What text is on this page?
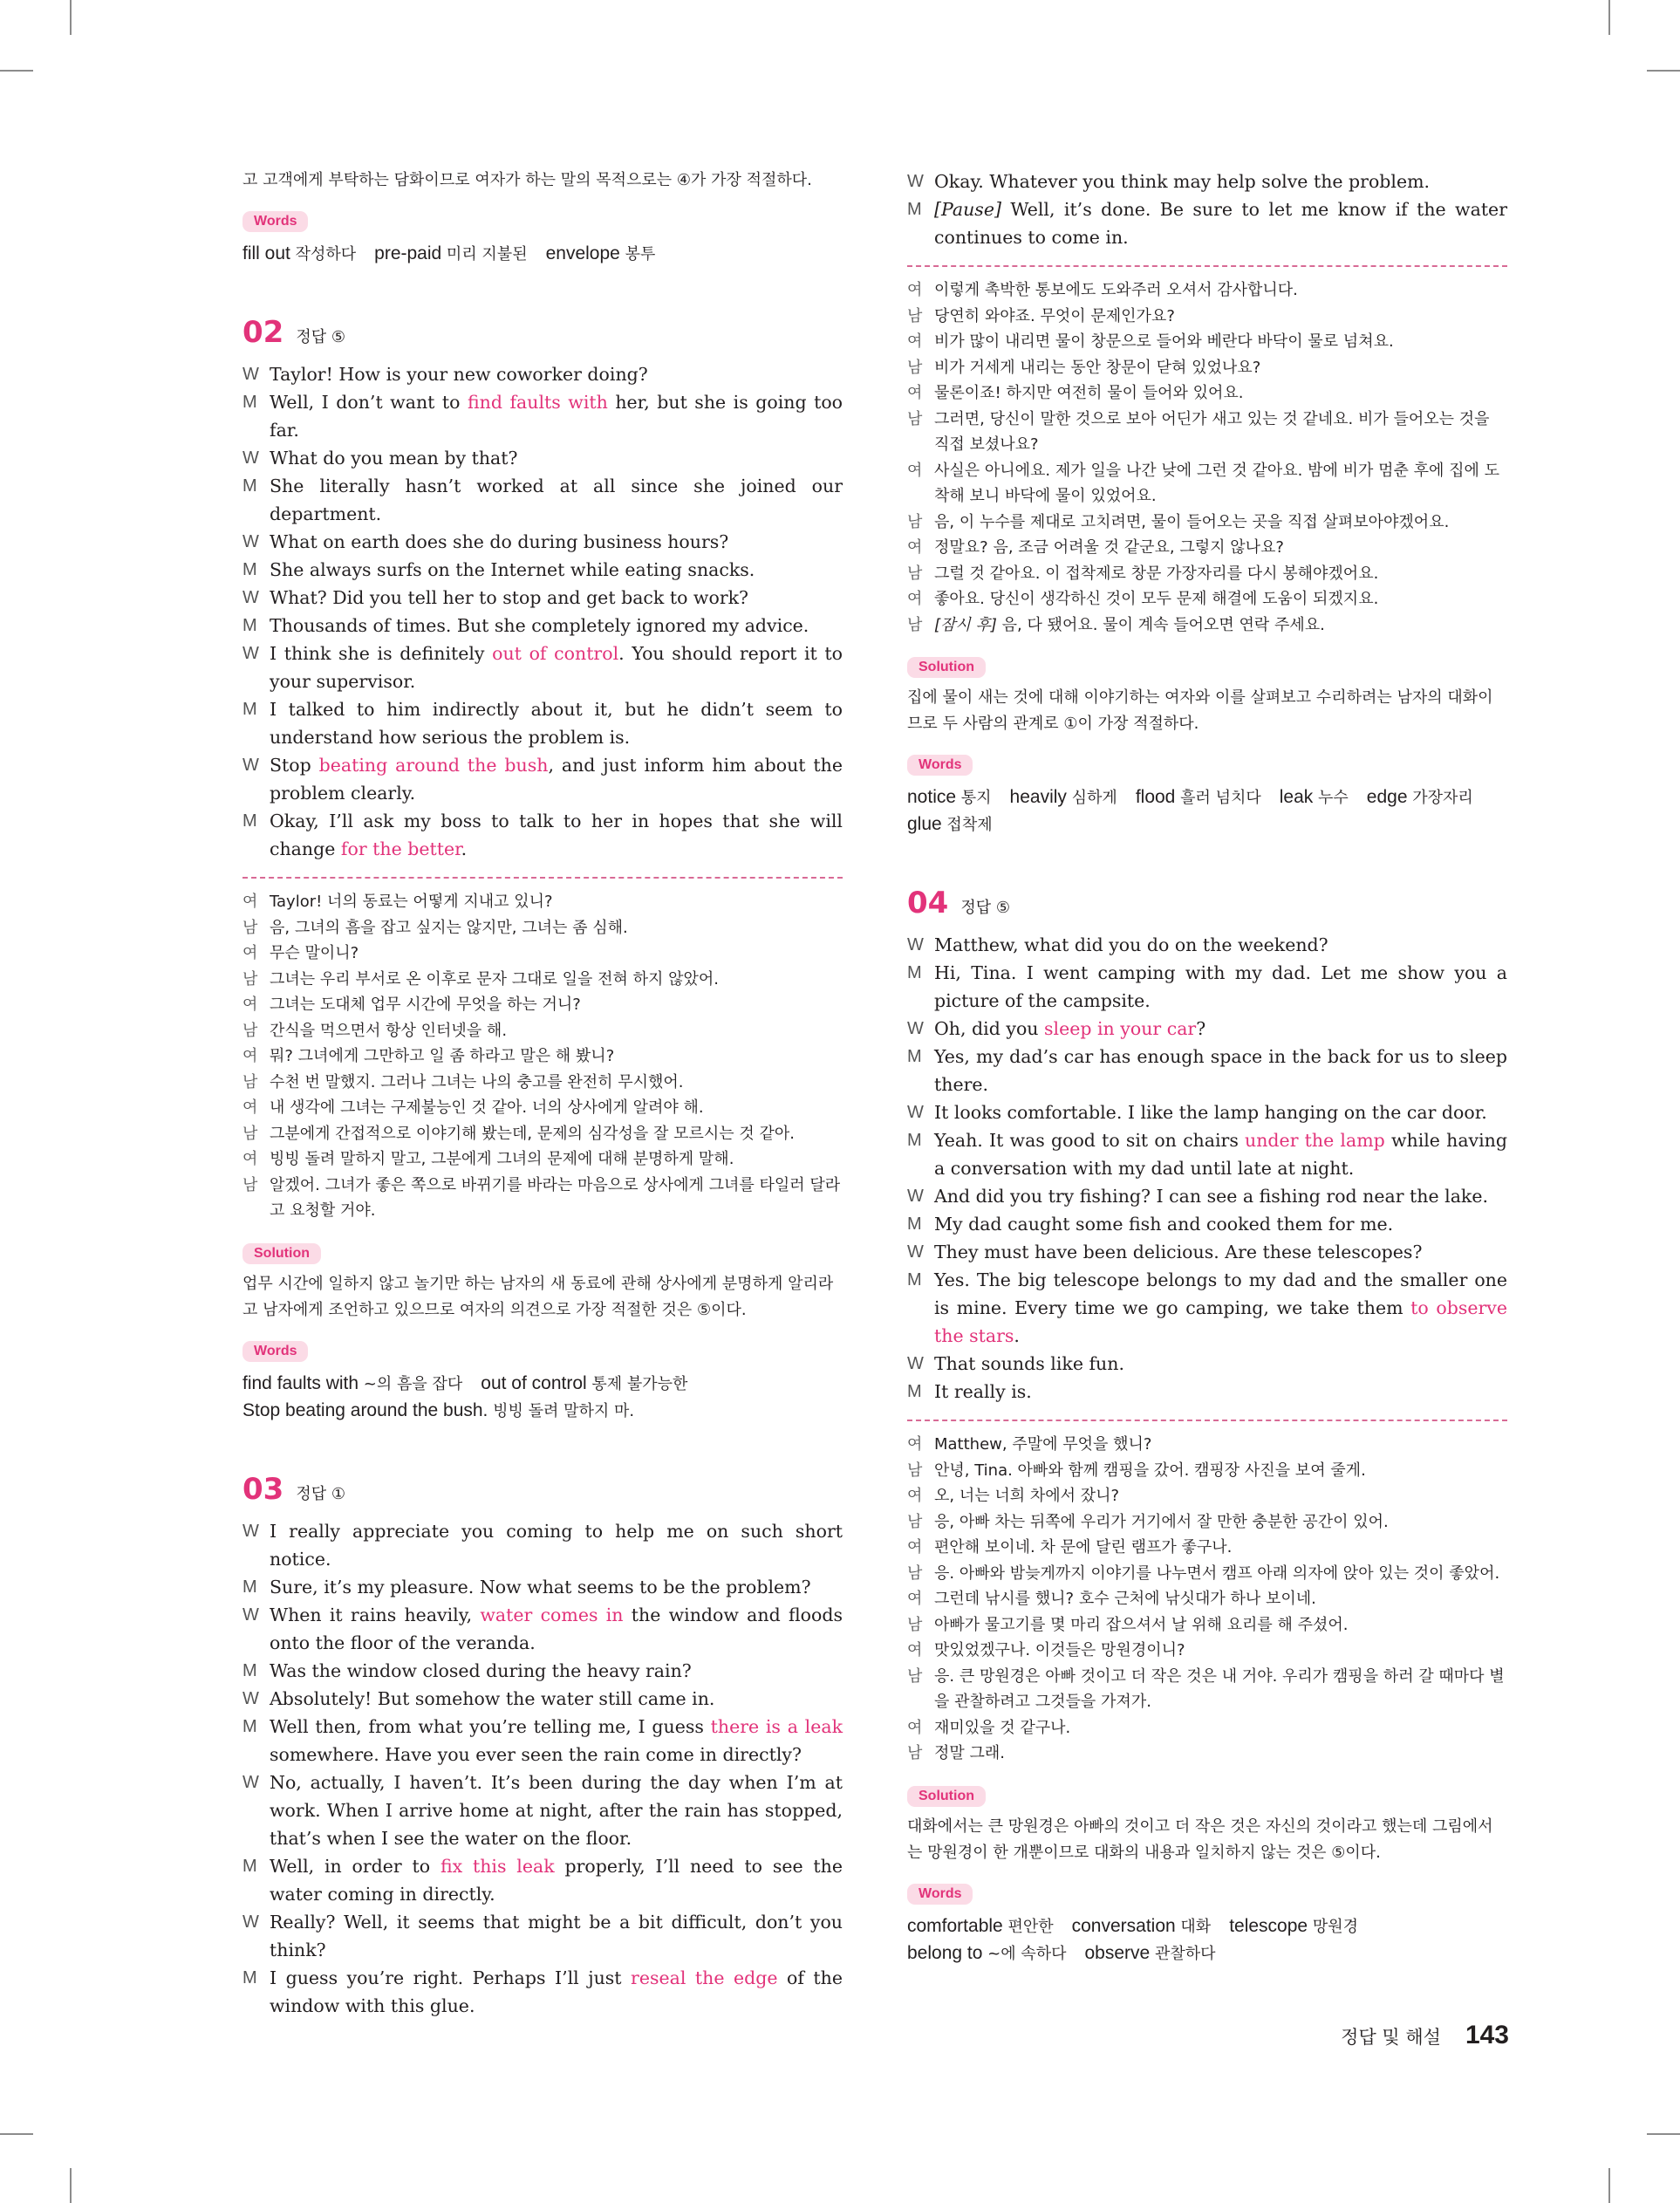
고 고객에게 부탁하는 담화이므로 여자가 하는 말의 목적으로는 ④가 가장 적절하다.
Words
fill out 작성하다  pre-paid 미리 지불된  envelope 봉투
02 정답 ⑤
W Taylor! How is your new coworker doing?
M Well, I don’t want to find faults with her, but she is going too far.
W What do you mean by that?
M She literally hasn’t worked at all since she joined our department.
W What on earth does she do during business hours?
M She always surfs on the Internet while eating snacks.
W What? Did you tell her to stop and get back to work?
M Thousands of times. But she completely ignored my advice.
W I think she is definitely out of control. You should report it to your supervisor.
M I talked to him indirectly about it, but he didn’t seem to understand how serious the problem is.
W Stop beating around the bush, and just inform him about the problem clearly.
M Okay, I’ll ask my boss to talk to her in hopes that she will change for the better.
여 Taylor! 너의 동료는 어떻게 지내고 있니?
남 음, 그녀의 흠을 잡고 싶지는 않지만, 그녀는 좀 심해.
여 무슨 말이니?
남 그녀는 우리 부서로 온 이후로 문자 그대로 일을 전혀 하지 않았어.
여 그녀는 도대체 업무 시간에 무엇을 하는 거니?
남 간식을 먹으면서 항상 인터넷을 해.
여 뭐? 그녀에게 그만하고 일 좀 하라고 말은 해 봤니?
남 수천 번 말했지. 그러나 그녀는 나의 충고를 완전히 무시했어.
여 내 생각에 그녀는 구제불능인 것 같아. 너의 상사에게 알려야 해.
남 그분에게 간접적으로 이야기해 봤는데, 문제의 심각성을 잘 모르시는 것 같아.
여 빙빙 돌려 말하지 말고, 그분에게 그녀의 문제에 대해 분명하게 말해.
남 알겠어. 그녀가 좋은 쪽으로 바뀌기를 바라는 마음으로 상사에게 그녀를 타일러 달라고 요청할 거야.
Solution
업무 시간에 일하지 않고 놀기만 하는 남자의 새 동료에 관해 상사에게 분명하게 알리라고 남자에게 조언하고 있으므로 여자의 의견으로 가장 적절한 것은 ⑤이다.
Words
find faults with ~의 흠을 잡다  out of control 통제 불가능한
Stop beating around the bush. 빙빙 돌려 말하지 마.
03 정답 ①
W I really appreciate you coming to help me on such short notice.
M Sure, it’s my pleasure. Now what seems to be the problem?
W When it rains heavily, water comes in the window and floods onto the floor of the veranda.
M Was the window closed during the heavy rain?
W Absolutely! But somehow the water still came in.
M Well then, from what you’re telling me, I guess there is a leak somewhere. Have you ever seen the rain come in directly?
W No, actually, I haven’t. It’s been during the day when I’m at work. When I arrive home at night, after the rain has stopped, that’s when I see the water on the floor.
M Well, in order to fix this leak properly, I’ll need to see the water coming in directly.
W Really? Well, it seems that might be a bit difficult, don’t you think?
M I guess you’re right. Perhaps I’ll just reseal the edge of the window with this glue.
W Okay. Whatever you think may help solve the problem.
M [Pause] Well, it’s done. Be sure to let me know if the water continues to come in.
여 이렇게 촉박한 통보에도 도와주러 오셔서 감사합니다.
남 당연히 와야죠. 무엇이 문제인가요?
여 비가 많이 내리면 물이 창문으로 들어와 베란다 바닥이 물로 넘쳐요.
남 비가 거세게 내리는 동안 창문이 닫혀 있었나요?
여 물론이죠! 하지만 여전히 물이 들어와 있어요.
남 그러면, 당신이 말한 것으로 보아 어딘가 새고 있는 것 같네요. 비가 들어오는 것을 직접 보셨나요?
여 사실은 아니에요. 제가 일을 나간 낮에 그런 것 같아요. 밤에 비가 멈춘 후에 집에 도착해 보니 바닥에 물이 있었어요.
남 음, 이 누수를 제대로 고치려면, 물이 들어오는 곳을 직접 살펴보아야겠어요.
여 정말요? 음, 조금 어려울 것 같군요, 그렇지 않나요?
남 그럴 것 같아요. 이 접착제로 창문 가장자리를 다시 봉해야겠어요.
여 좋아요. 당신이 생각하신 것이 모두 문제 해결에 도움이 되겠지요.
남 [잠시 후] 음, 다 됐어요. 물이 계속 들어오면 연락 주세요.
Solution
집에 물이 새는 것에 대해 이야기하는 여자와 이를 살펴보고 수리하려는 남자의 대화이므로 두 사람의 관계로 ①이 가장 적절하다.
Words
notice 통지  heavily 심하게  flood 흘러 넘치다  leak 누수  edge 가장자리
glue 접착제
04 정답 ⑤
W Matthew, what did you do on the weekend?
M Hi, Tina. I went camping with my dad. Let me show you a picture of the campsite.
W Oh, did you sleep in your car?
M Yes, my dad’s car has enough space in the back for us to sleep there.
W It looks comfortable. I like the lamp hanging on the car door.
M Yeah. It was good to sit on chairs under the lamp while having a conversation with my dad until late at night.
W And did you try fishing? I can see a fishing rod near the lake.
M My dad caught some fish and cooked them for me.
W They must have been delicious. Are these telescopes?
M Yes. The big telescope belongs to my dad and the smaller one is mine. Every time we go camping, we take them to observe the stars.
W That sounds like fun.
M It really is.
여 Matthew, 주말에 무엇을 했니?
남 안녕, Tina. 아빠와 함께 캠핑을 갔어. 캠핑장 사진을 보여 줄게.
여 오, 너는 너희 차에서 잤니?
남 응, 아빠 차는 뒤쪽에 우리가 거기에서 잘 만한 충분한 공간이 있어.
여 편안해 보이네. 차 문에 달린 램프가 좋구나.
남 응. 아빠와 밤늦게까지 이야기를 나누면서 캠프 아래 의자에 앉아 있는 것이 좋았어.
여 그런데 낚시를 했니? 호수 근처에 낚싯대가 하나 보이네.
남 아빠가 물고기를 몇 마리 잡으셔서 날 위해 요리를 해 주셨어.
여 맛있었겠구나. 이것들은 망원경이니?
남 응. 큰 망원경은 아빠 것이고 더 작은 것은 내 거야. 우리가 캠핑을 하러 갈 때마다 별을 관찰하려고 그것들을 가져가.
여 재미있을 것 같구나.
남 정말 그래.
Solution
대화에서는 큰 망원경은 아빠의 것이고 더 작은 것은 자신의 것이라고 했는데 그림에서는 망원경이 한 개뿐이므로 대화의 내용과 일치하지 않는 것은 ⑤이다.
Words
comfortable 편안한  conversation 대화  telescope 망원경
belong to ~에 속하다  observe 관찰하다
정답 및 해설 143
